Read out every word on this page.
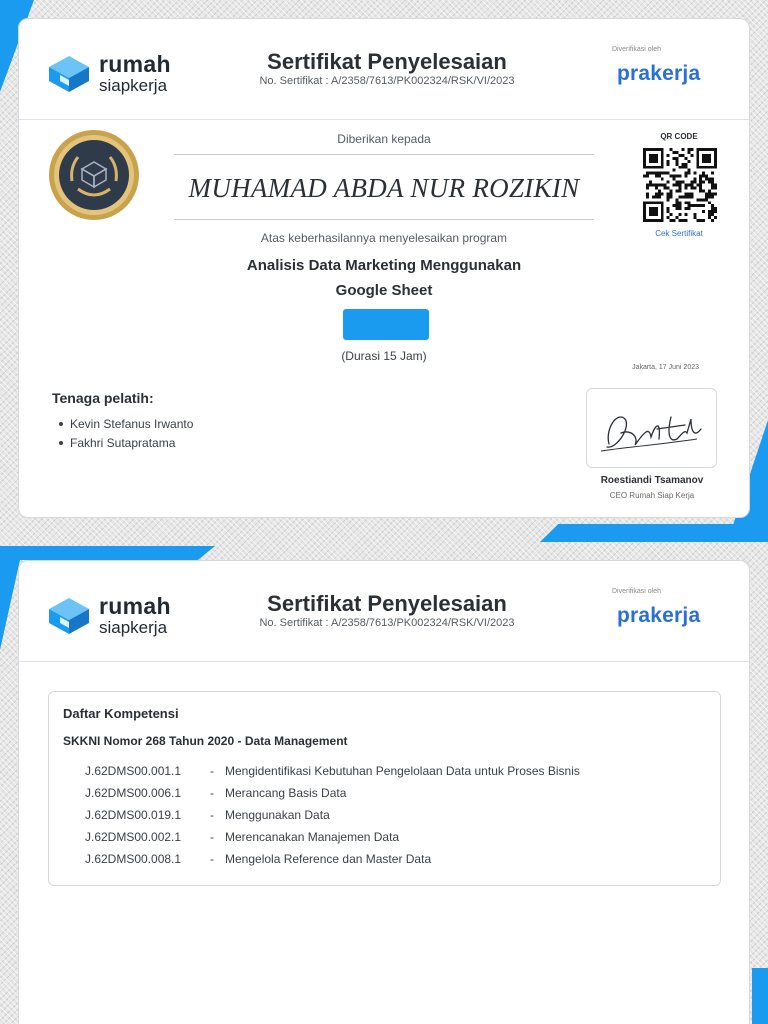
rumah
siapkerja
Sertifikat Penyelesaian
No. Sertifikat : A/2358/7613/PK002324/RSK/VI/2023
Diverifikasi oleh
prakerja
Diberikan kepada
MUHAMAD ABDA NUR ROZIKIN
Atas keberhasilannya menyelesaikan program
Analisis Data Marketing Menggunakan
Google Sheet
(Durasi 15 Jam)
QR CODE
Cek Sertifikat
Jakarta, 17 Juni 2023
Tenaga pelatih:
Kevin Stefanus Irwanto
Fakhri Sutapratama
Roestiandi Tsamanov
CEO Rumah Siap Kerja
rumah
siapkerja
Sertifikat Penyelesaian
No. Sertifikat : A/2358/7613/PK002324/RSK/VI/2023
Diverifikasi oleh
prakerja
Daftar Kompetensi
SKKNI Nomor 268 Tahun 2020 - Data Management
J.62DMS00.001.1	- Mengidentifikasi Kebutuhan Pengelolaan Data untuk Proses Bisnis
J.62DMS00.006.1	- Merancang Basis Data
J.62DMS00.019.1	- Menggunakan Data
J.62DMS00.002.1	- Merencanakan Manajemen Data
J.62DMS00.008.1	- Mengelola Reference dan Master Data
